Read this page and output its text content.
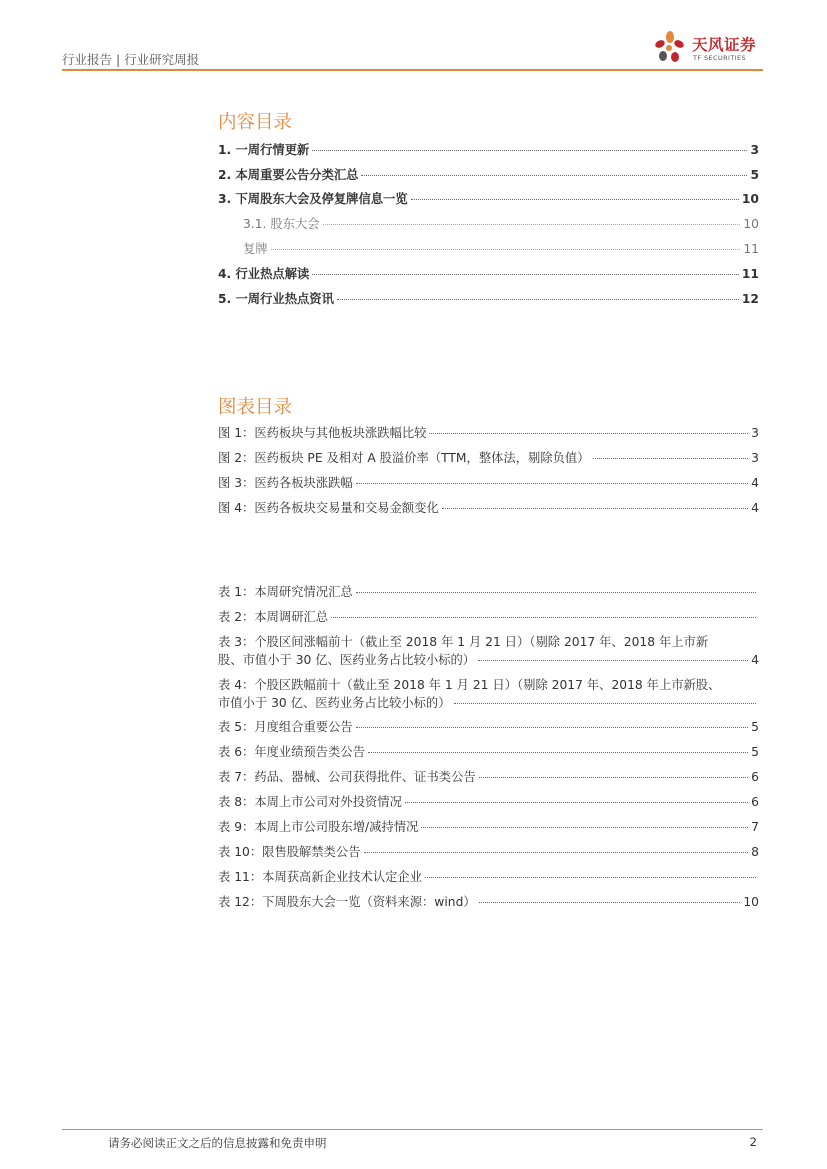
行业报告 | 行业研究周报
天风证券
TF SECURITIES
内容目录
1. 一周行情更新	3
2. 本周重要公告分类汇总	5
3. 下周股东大会及停复牌信息一览	10
3.1. 股东大会	10
复牌	11
4. 行业热点解读	11
5. 一周行业热点资讯	12
图表目录
图 1：医药板块与其他板块涨跌幅比较	3
图 2：医药板块 PE 及相对 A 股溢价率（TTM，整体法，剔除负值）	3
图 3：医药各板块涨跌幅	4
图 4：医药各板块交易量和交易金额变化	4
表 1：本周研究情况汇总
表 2：本周调研汇总
表 3：个股区间涨幅前十（截止至 2018 年 1 月 21 日）（剔除 2017 年、2018 年上市新
股、市值小于 30 亿、医药业务占比较小标的）	4
表 4：个股区跌幅前十（截止至 2018 年 1 月 21 日）（剔除 2017 年、2018 年上市新股、
市值小于 30 亿、医药业务占比较小标的）
表 5：月度组合重要公告	5
表 6：年度业绩预告类公告	5
表 7：药品、器械、公司获得批件、证书类公告	6
表 8：本周上市公司对外投资情况	6
表 9：本周上市公司股东增/减持情况	7
表 10：限售股解禁类公告	8
表 11：本周获高新企业技术认定企业
表 12：下周股东大会一览（资料来源：wind）	10
请务必阅读正文之后的信息披露和免责申明	2
